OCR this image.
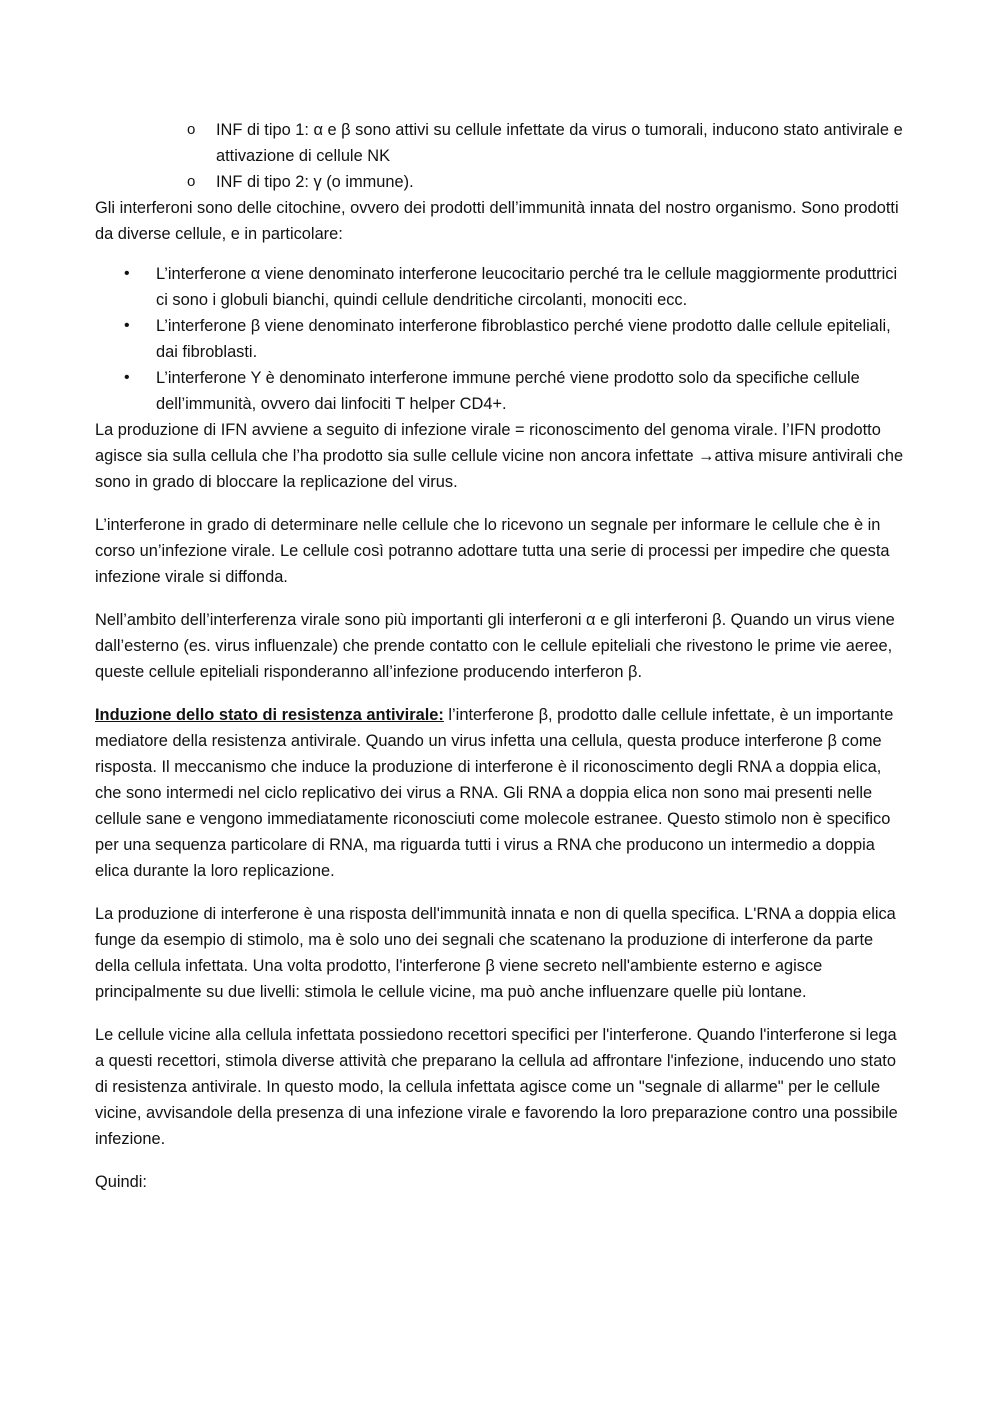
o INF di tipo 1: α e β sono attivi su cellule infettate da virus o tumorali, inducono stato antivirale e attivazione di cellule NK
o INF di tipo 2: γ (o immune).

Gli interferoni sono delle citochine, ovvero dei prodotti dell’immunità innata del nostro organismo. Sono prodotti da diverse cellule, e in particolare:

• L’interferone α viene denominato interferone leucocitario perché tra le cellule maggiormente produttrici ci sono i globuli bianchi, quindi cellule dendritiche circolanti, monociti ecc.
• L’interferone β viene denominato interferone fibroblastico perché viene prodotto dalle cellule epiteliali, dai fibroblasti.
• L’interferone Y è denominato interferone immune perché viene prodotto solo da specifiche cellule dell’immunità, ovvero dai linfociti T helper CD4+.

La produzione di IFN avviene a seguito di infezione virale = riconoscimento del genoma virale. l’IFN prodotto agisce sia sulla cellula che l’ha prodotto sia sulle cellule vicine non ancora infettate →attiva misure antivirali che sono in grado di bloccare la replicazione del virus.

L’interferone in grado di determinare nelle cellule che lo ricevono un segnale per informare le cellule che è in corso un’infezione virale. Le cellule così potranno adottare tutta una serie di processi per impedire che questa infezione virale si diffonda.

Nell’ambito dell’interferenza virale sono più importanti gli interferoni α e gli interferoni β. Quando un virus viene dall’esterno (es. virus influenzale) che prende contatto con le cellule epiteliali che rivestono le prime vie aeree, queste cellule epiteliali risponderanno all’infezione producendo interferon β.

Induzione dello stato di resistenza antivirale: l’interferone β, prodotto dalle cellule infettate, è un importante mediatore della resistenza antivirale. Quando un virus infetta una cellula, questa produce interferone β come risposta. Il meccanismo che induce la produzione di interferone è il riconoscimento degli RNA a doppia elica, che sono intermedi nel ciclo replicativo dei virus a RNA. Gli RNA a doppia elica non sono mai presenti nelle cellule sane e vengono immediatamente riconosciuti come molecole estranee. Questo stimolo non è specifico per una sequenza particolare di RNA, ma riguarda tutti i virus a RNA che producono un intermedio a doppia elica durante la loro replicazione.

La produzione di interferone è una risposta dell'immunità innata e non di quella specifica. L'RNA a doppia elica funge da esempio di stimolo, ma è solo uno dei segnali che scatenano la produzione di interferone da parte della cellula infettata. Una volta prodotto, l'interferone β viene secreto nell'ambiente esterno e agisce principalmente su due livelli: stimola le cellule vicine, ma può anche influenzare quelle più lontane.

Le cellule vicine alla cellula infettata possiedono recettori specifici per l'interferone. Quando l'interferone si lega a questi recettori, stimola diverse attività che preparano la cellula ad affrontare l'infezione, inducendo uno stato di resistenza antivirale. In questo modo, la cellula infettata agisce come un "segnale di allarme" per le cellule vicine, avvisandole della presenza di una infezione virale e favorendo la loro preparazione contro una possibile infezione.

Quindi:
